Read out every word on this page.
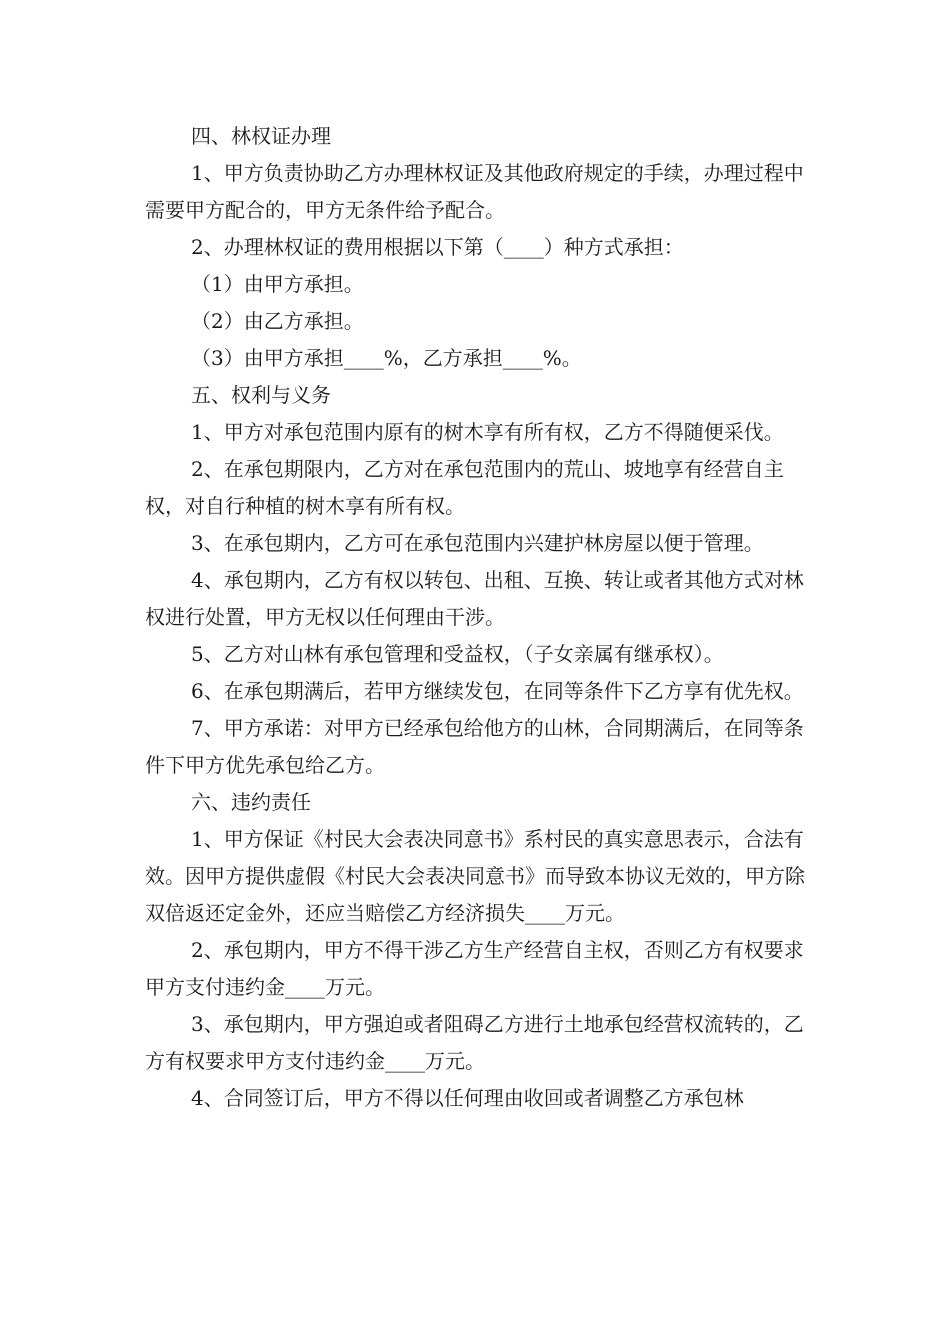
四、林权证办理

1、甲方负责协助乙方办理林权证及其他政府规定的手续，办理过程中需要甲方配合的，甲方无条件给予配合。

2、办理林权证的费用根据以下第（____）种方式承担：

（1）由甲方承担。

（2）由乙方承担。

（3）由甲方承担____%，乙方承担____%。

五、权利与义务

1、甲方对承包范围内原有的树木享有所有权，乙方不得随便采伐。

2、在承包期限内，乙方对在承包范围内的荒山、坡地享有经营自主权，对自行种植的树木享有所有权。

3、在承包期内，乙方可在承包范围内兴建护林房屋以便于管理。

4、承包期内，乙方有权以转包、出租、互换、转让或者其他方式对林权进行处置，甲方无权以任何理由干涉。

5、乙方对山林有承包管理和受益权，（子女亲属有继承权）。

6、在承包期满后，若甲方继续发包，在同等条件下乙方享有优先权。

7、甲方承诺：对甲方已经承包给他方的山林，合同期满后，在同等条件下甲方优先承包给乙方。

六、违约责任

1、甲方保证《村民大会表决同意书》系村民的真实意思表示，合法有效。因甲方提供虚假《村民大会表决同意书》而导致本协议无效的，甲方除双倍返还定金外，还应当赔偿乙方经济损失____万元。

2、承包期内，甲方不得干涉乙方生产经营自主权，否则乙方有权要求甲方支付违约金____万元。

3、承包期内，甲方强迫或者阻碍乙方进行土地承包经营权流转的，乙方有权要求甲方支付违约金____万元。

4、合同签订后，甲方不得以任何理由收回或者调整乙方承包林
